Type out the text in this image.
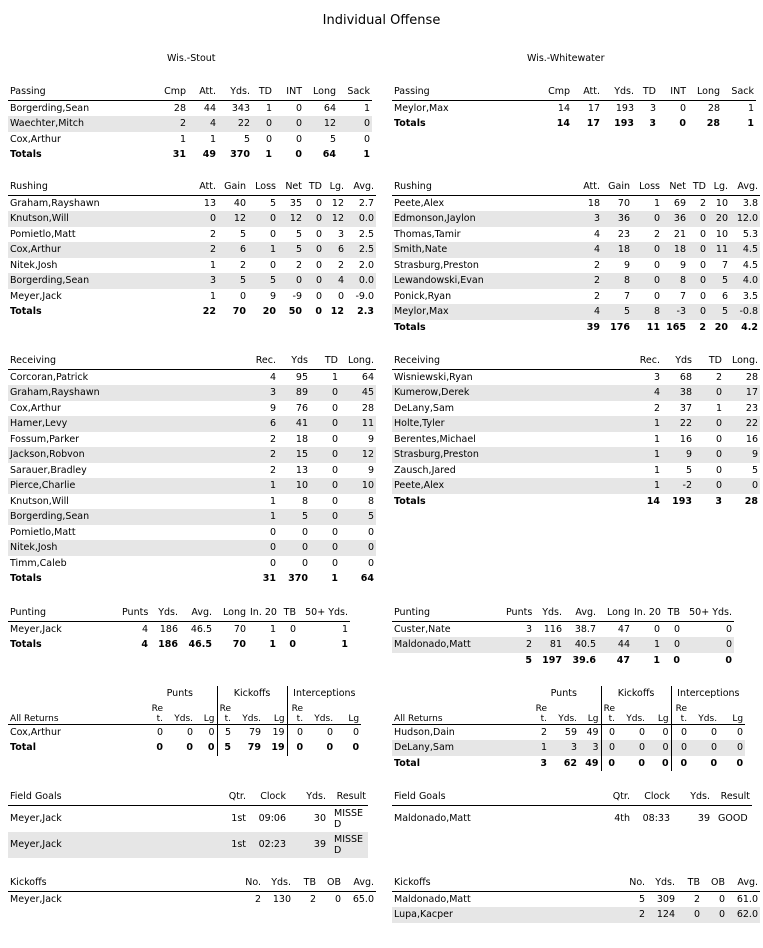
Individual Offense
Wis.-Stout	Wis.-Whitewater
Passing	Cmp	Att.	Yds.	TD	INT	Long	Sack
Borgerding,Sean	28	44	343	1	0	64	1
Waechter,Mitch	2	4	22	0	0	12	0
Cox,Arthur	1	1	5	0	0	5	0
Totals	31	49	370	1	0	64	1
Passing	Cmp	Att.	Yds.	TD	INT	Long	Sack
Meylor,Max	14	17	193	3	0	28	1
Totals	14	17	193	3	0	28	1
Rushing	Att.	Gain	Loss	Net	TD	Lg.	Avg.
Graham,Rayshawn	13	40	5	35	0	12	2.7
Knutson,Will	0	12	0	12	0	12	0.0
Pomietlo,Matt	2	5	0	5	0	3	2.5
Cox,Arthur	2	6	1	5	0	6	2.5
Nitek,Josh	1	2	0	2	0	2	2.0
Borgerding,Sean	3	5	5	0	0	4	0.0
Meyer,Jack	1	0	9	-9	0	0	-9.0
Totals	22	70	20	50	0	12	2.3
Rushing	Att.	Gain	Loss	Net	TD	Lg.	Avg.
Peete,Alex	18	70	1	69	2	10	3.8
Edmonson,Jaylon	3	36	0	36	0	20	12.0
Thomas,Tamir	4	23	2	21	0	10	5.3
Smith,Nate	4	18	0	18	0	11	4.5
Strasburg,Preston	2	9	0	9	0	7	4.5
Lewandowski,Evan	2	8	0	8	0	5	4.0
Ponick,Ryan	2	7	0	7	0	6	3.5
Meylor,Max	4	5	8	-3	0	5	-0.8
Totals	39	176	11	165	2	20	4.2
Receiving	Rec.	Yds	TD	Long.
Corcoran,Patrick	4	95	1	64
Graham,Rayshawn	3	89	0	45
Cox,Arthur	9	76	0	28
Hamer,Levy	6	41	0	11
Fossum,Parker	2	18	0	9
Jackson,Robvon	2	15	0	12
Sarauer,Bradley	2	13	0	9
Pierce,Charlie	1	10	0	10
Knutson,Will	1	8	0	8
Borgerding,Sean	1	5	0	5
Pomietlo,Matt	0	0	0	0
Nitek,Josh	0	0	0	0
Timm,Caleb	0	0	0	0
Totals	31	370	1	64
Receiving	Rec.	Yds	TD	Long.
Wisniewski,Ryan	3	68	2	28
Kumerow,Derek	4	38	0	17
DeLany,Sam	2	37	1	23
Holte,Tyler	1	22	0	22
Berentes,Michael	1	16	0	16
Strasburg,Preston	1	9	0	9
Zausch,Jared	1	5	0	5
Peete,Alex	1	-2	0	0
Totals	14	193	3	28
Punting	Punts	Yds.	Avg.	Long	In. 20	TB	50+ Yds.
Meyer,Jack	4	186	46.5	70	1	0	1
Totals	4	186	46.5	70	1	0	1
Punting	Punts	Yds.	Avg.	Long	In. 20	TB	50+ Yds.
Custer,Nate	3	116	38.7	47	0	0	0
Maldonado,Matt	2	81	40.5	44	1	0	0
	5	197	39.6	47	1	0	0
Field Goals	Qtr.	Clock	Yds.	Result
Meyer,Jack	1st	09:06	30	MISSE
D
Meyer,Jack	1st	02:23	39	MISSE
D
Field Goals	Qtr.	Clock	Yds.	Result
Maldonado,Matt	4th	08:33	39	GOOD
Kickoffs	No.	Yds.	TB	OB	Avg.
Meyer,Jack	2	130	2	0	65.0
Kickoffs	No.	Yds.	TB	OB	Avg.
Maldonado,Matt	5	309	2	0	61.0
Lupa,Kacper	2	124	0	0	62.0
	Punts			Kickoffs			Interceptions		
All Returns	Re
t.	Yds.	Lg	Re
t.	Yds.	Lg	Re
t.	Yds.	Lg
Cox,Arthur	0	0	0	5	79	19	0	0	0
Total	0	0	0	5	79	19	0	0	0
	Punts			Kickoffs			Interceptions		
All Returns	Re
t.	Yds.	Lg	Re
t.	Yds.	Lg	Re
t.	Yds.	Lg
Hudson,Dain	2	59	49	0	0	0	0	0	0
DeLany,Sam	1	3	3	0	0	0	0	0	0
Total	3	62	49	0	0	0	0	0	0
